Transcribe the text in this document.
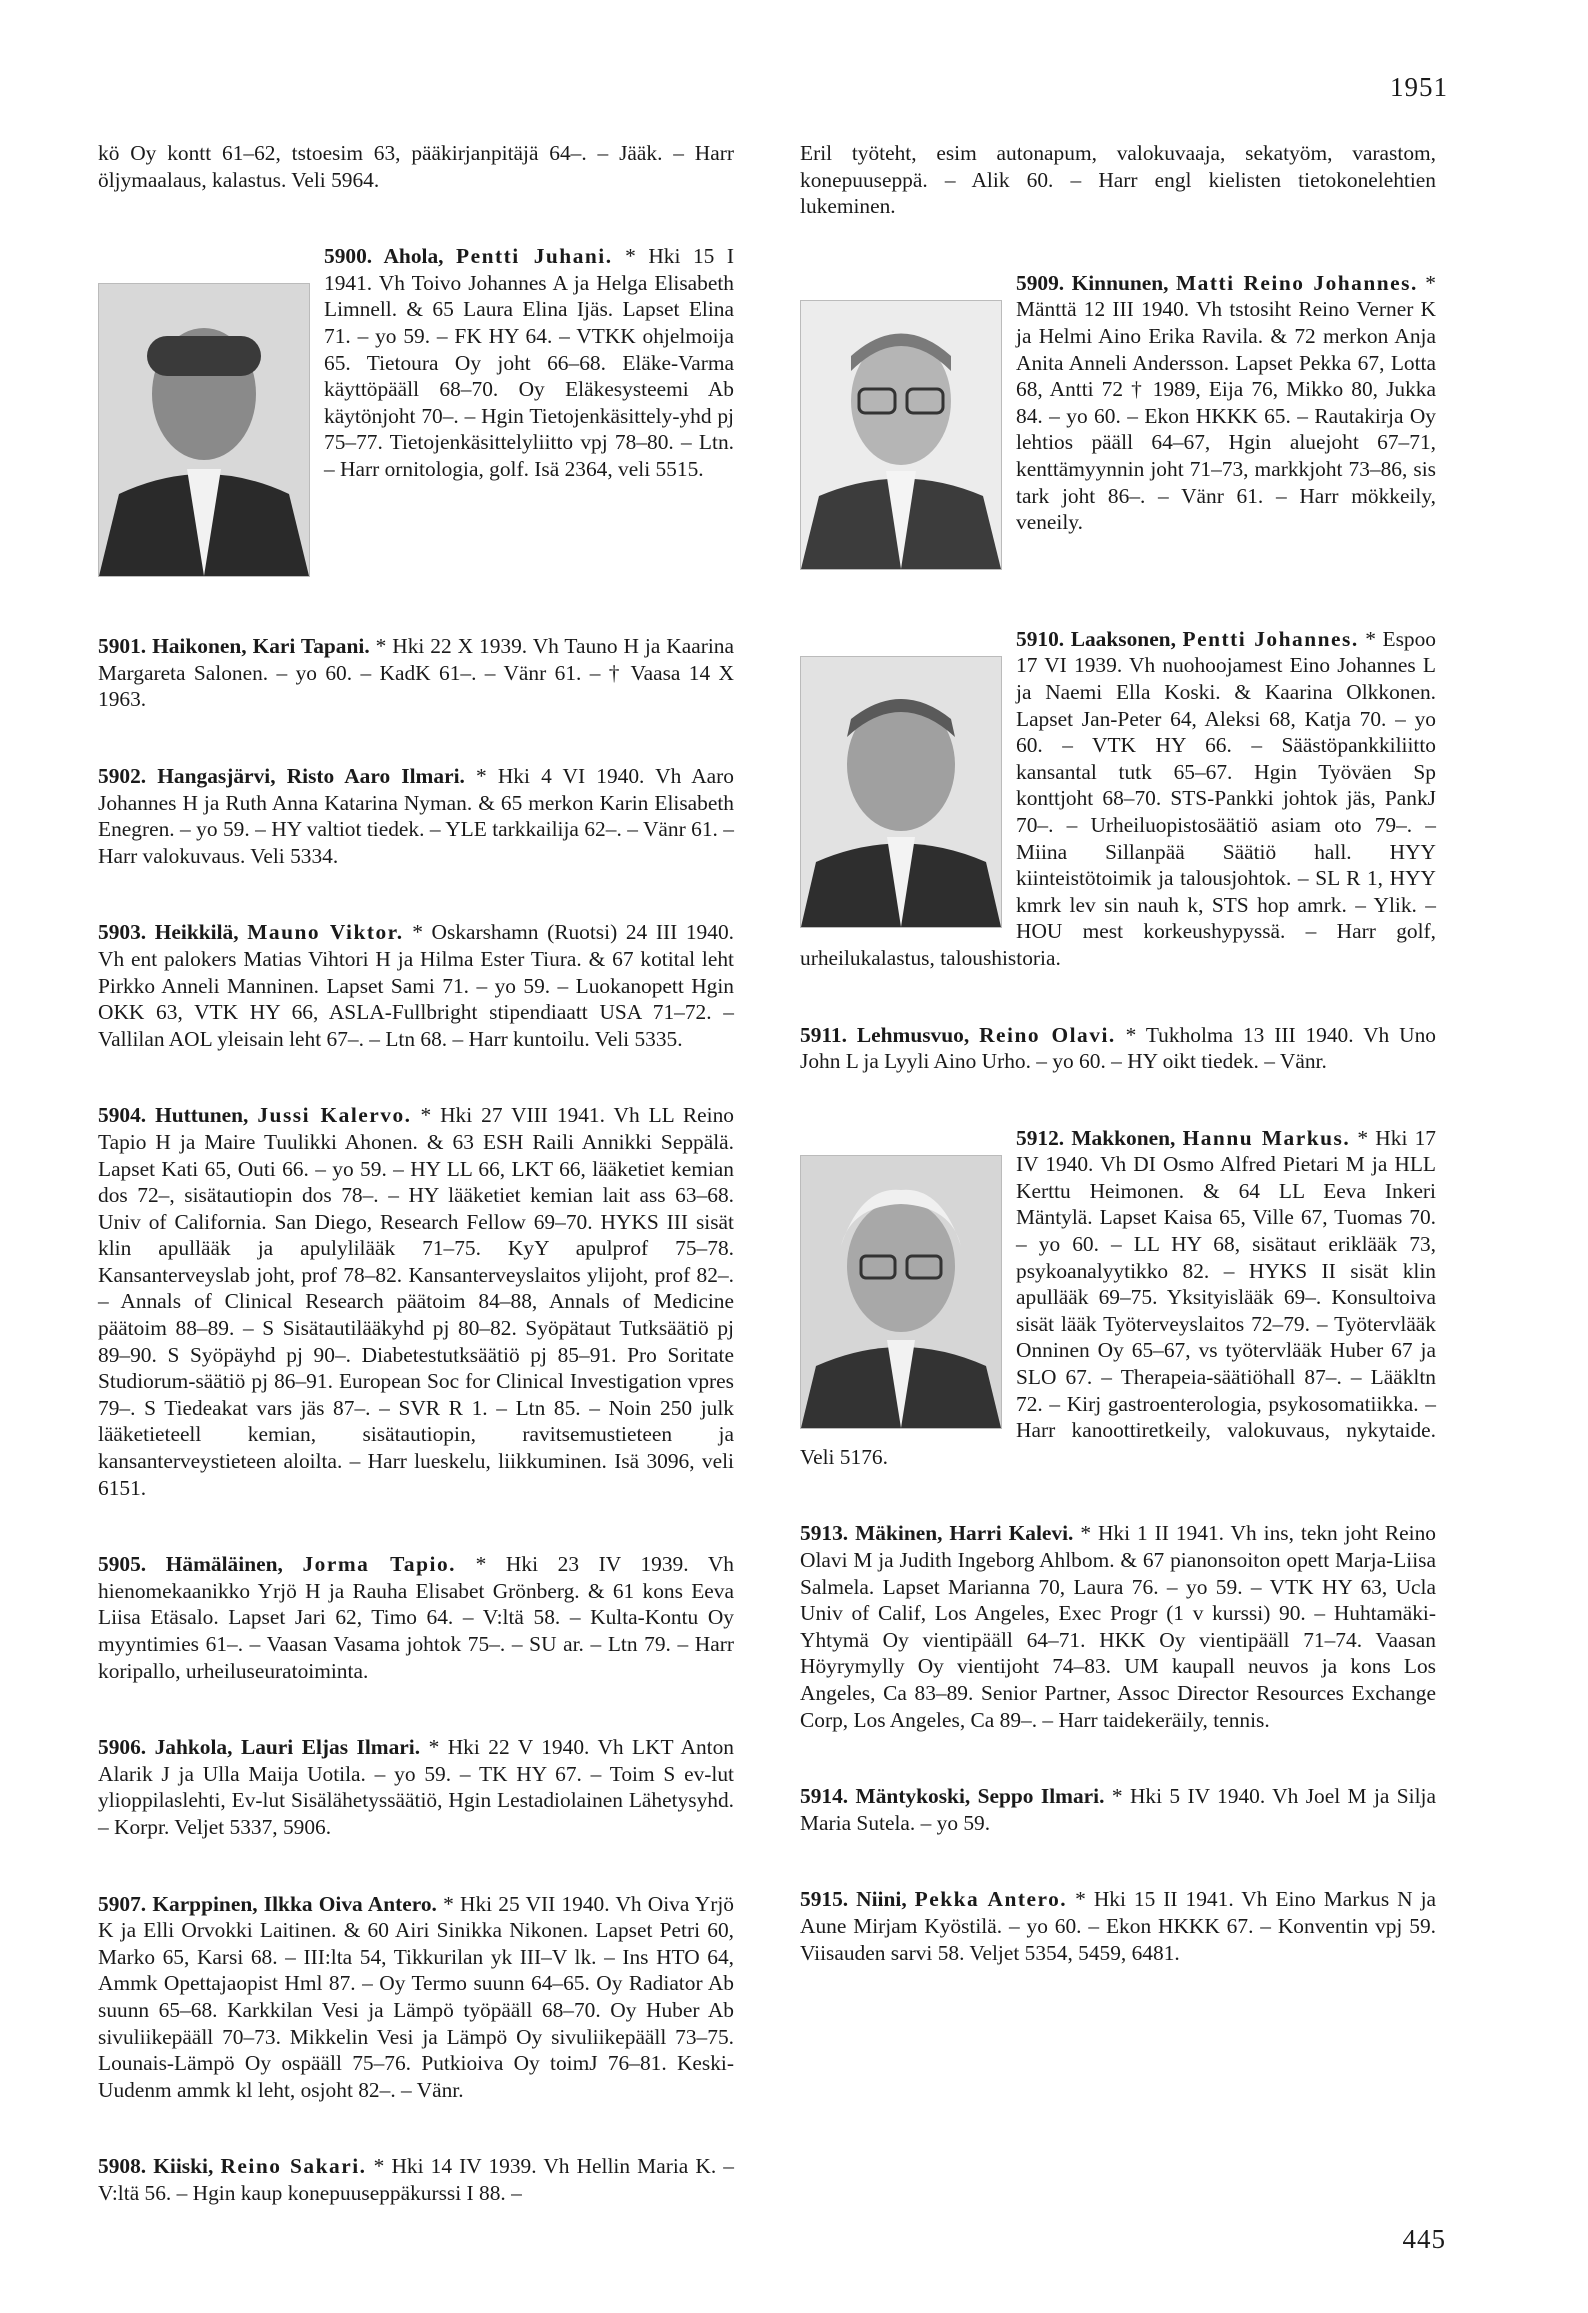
1951

kö Oy kontt 61–62, tstoesim 63, pääkirjanpitäjä 64–. – Jääk. – Harr öljymaalaus, kalastus. Veli 5964.

5900. Ahola, Pentti Juhani. * Hki 15 I 1941. Vh Toivo Johannes A ja Helga Elisabeth Limnell. & 65 Laura Elina Ijäs. Lapset Elina 71. – yo 59. – FK HY 64. – VTKK ohjelmoija 65. Tietoura Oy joht 66–68. Eläke-Varma käyttöpääll 68–70. Oy Eläkesysteemi Ab käytönjoht 70–. – Hgin Tietojenkäsittely-yhd pj 75–77. Tietojenkäsittelyliitto vpj 78–80. – Ltn. – Harr ornitologia, golf. Isä 2364, veli 5515.

5901. Haikonen, Kari Tapani. * Hki 22 X 1939. Vh Tauno H ja Kaarina Margareta Salonen. – yo 60. – KadK 61–. – Vänr 61. – † Vaasa 14 X 1963.

5902. Hangasjärvi, Risto Aaro Ilmari. * Hki 4 VI 1940. Vh Aaro Johannes H ja Ruth Anna Katarina Nyman. & 65 merkon Karin Elisabeth Enegren. – yo 59. – HY valtiot tiedek. – YLE tarkkailija 62–. – Vänr 61. – Harr valokuvaus. Veli 5334.

5903. Heikkilä, Mauno Viktor. * Oskarshamn (Ruotsi) 24 III 1940. Vh ent palokers Matias Vihtori H ja Hilma Ester Tiura. & 67 kotital leht Pirkko Anneli Manninen. Lapset Sami 71. – yo 59. – Luokanopett Hgin OKK 63, VTK HY 66, ASLA-Fullbright stipendiaatt USA 71–72. – Vallilan AOL yleisain leht 67–. – Ltn 68. – Harr kuntoilu. Veli 5335.

5904. Huttunen, Jussi Kalervo. * Hki 27 VIII 1941. Vh LL Reino Tapio H ja Maire Tuulikki Ahonen. & 63 ESH Raili Annikki Seppälä. Lapset Kati 65, Outi 66. – yo 59. – HY LL 66, LKT 66, lääketiet kemian dos 72–, sisätautiopin dos 78–. – HY lääketiet kemian lait ass 63–68. Univ of California. San Diego, Research Fellow 69–70. HYKS III sisät klin apullääk ja apulylilääk 71–75. KyY apulprof 75–78. Kansanterveyslab joht, prof 78–82. Kansanterveyslaitos ylijoht, prof 82–. – Annals of Clinical Research päätoim 84–88, Annals of Medicine päätoim 88–89. – S Sisätautilääkyhd pj 80–82. Syöpätaut Tutksäätiö pj 89–90. S Syöpäyhd pj 90–. Diabetestutksäätiö pj 85–91. Pro Soritate Studiorum-säätiö pj 86–91. European Soc for Clinical Investigation vpres 79–. S Tiedeakat vars jäs 87–. – SVR R 1. – Ltn 85. – Noin 250 julk lääketieteell kemian, sisätautiopin, ravitsemustieteen ja kansanterveystieteen aloilta. – Harr lueskelu, liikkuminen. Isä 3096, veli 6151.

5905. Hämäläinen, Jorma Tapio. * Hki 23 IV 1939. Vh hienomekaanikko Yrjö H ja Rauha Elisabet Grönberg. & 61 kons Eeva Liisa Etäsalo. Lapset Jari 62, Timo 64. – V:ltä 58. – Kulta-Kontu Oy myyntimies 61–. – Vaasan Vasama johtok 75–. – SU ar. – Ltn 79. – Harr koripallo, urheiluseuratoiminta.

5906. Jahkola, Lauri Eljas Ilmari. * Hki 22 V 1940. Vh LKT Anton Alarik J ja Ulla Maija Uotila. – yo 59. – TK HY 67. – Toim S ev-lut ylioppilaslehti, Ev-lut Sisälähetyssäätiö, Hgin Lestadiolainen Lähetysyhd. – Korpr. Veljet 5337, 5906.

5907. Karppinen, Ilkka Oiva Antero. * Hki 25 VII 1940. Vh Oiva Yrjö K ja Elli Orvokki Laitinen. & 60 Airi Sinikka Nikonen. Lapset Petri 60, Marko 65, Karsi 68. – III:lta 54, Tikkurilan yk III–V lk. – Ins HTO 64, Ammk Opettajaopist Hml 87. – Oy Termo suunn 64–65. Oy Radiator Ab suunn 65–68. Karkkilan Vesi ja Lämpö työpääll 68–70. Oy Huber Ab sivuliikepääll 70–73. Mikkelin Vesi ja Lämpö Oy sivuliikepääll 73–75. Lounais-Lämpö Oy ospääll 75–76. Putkioiva Oy toimJ 76–81. Keski-Uudenm ammk kl leht, osjoht 82–. – Vänr.

5908. Kiiski, Reino Sakari. * Hki 14 IV 1939. Vh Hellin Maria K. – V:ltä 56. – Hgin kaup konepuuseppäkurssi I 88. –

Eril työteht, esim autonapum, valokuvaaja, sekatyöm, varastom, konepuuseppä. – Alik 60. – Harr engl kielisten tietokonelehtien lukeminen.

5909. Kinnunen, Matti Reino Johannes. * Mänttä 12 III 1940. Vh tstosiht Reino Verner K ja Helmi Aino Erika Ravila. & 72 merkon Anja Anita Anneli Andersson. Lapset Pekka 67, Lotta 68, Antti 72 † 1989, Eija 76, Mikko 80, Jukka 84. – yo 60. – Ekon HKKK 65. – Rautakirja Oy lehtios pääll 64–67, Hgin aluejoht 67–71, kenttämyynnin joht 71–73, markkjoht 73–86, sis tark joht 86–. – Vänr 61. – Harr mökkeily, veneily.

5910. Laaksonen, Pentti Johannes. * Espoo 17 VI 1939. Vh nuohoojamest Eino Johannes L ja Naemi Ella Koski. & Kaarina Olkkonen. Lapset Jan-Peter 64, Aleksi 68, Katja 70. – yo 60. – VTK HY 66. – Säästöpankkiliitto kansantal tutk 65–67. Hgin Työväen Sp konttjoht 68–70. STS-Pankki johtok jäs, PankJ 70–. – Urheiluopistosäätiö asiam oto 79–. – Miina Sillanpää Säätiö hall. HYY kiinteistötoimik ja talousjohtok. – SL R 1, HYY kmrk lev sin nauh k, STS hop amrk. – Ylik. – HOU mest korkeushypyssä. – Harr golf, urheilukalastus, taloushistoria.

5911. Lehmusvuo, Reino Olavi. * Tukholma 13 III 1940. Vh Uno John L ja Lyyli Aino Urho. – yo 60. – HY oikt tiedek. – Vänr.

5912. Makkonen, Hannu Markus. * Hki 17 IV 1940. Vh DI Osmo Alfred Pietari M ja HLL Kerttu Heimonen. & 64 LL Eeva Inkeri Mäntylä. Lapset Kaisa 65, Ville 67, Tuomas 70. – yo 60. – LL HY 68, sisätaut eriklääk 73, psykoanalyytikko 82. – HYKS II sisät klin apullääk 69–75. Yksityislääk 69–. Konsultoiva sisät lääk Työterveyslaitos 72–79. – Työtervlääk Onninen Oy 65–67, vs työtervlääk Huber 67 ja SLO 67. – Therapeia-säätiöhall 87–. – Lääkltn 72. – Kirj gastroenterologia, psykosomatiikka. – Harr kanoottiretkeily, valokuvaus, nykytaide. Veli 5176.

5913. Mäkinen, Harri Kalevi. * Hki 1 II 1941. Vh ins, tekn joht Reino Olavi M ja Judith Ingeborg Ahlbom. & 67 pianonsoiton opett Marja-Liisa Salmela. Lapset Marianna 70, Laura 76. – yo 59. – VTK HY 63, Ucla Univ of Calif, Los Angeles, Exec Progr (1 v kurssi) 90. – Huhtamäki-Yhtymä Oy vientipääll 64–71. HKK Oy vientipääll 71–74. Vaasan Höyrymylly Oy vientijoht 74–83. UM kaupall neuvos ja kons Los Angeles, Ca 83–89. Senior Partner, Assoc Director Resources Exchange Corp, Los Angeles, Ca 89–. – Harr taidekeräily, tennis.

5914. Mäntykoski, Seppo Ilmari. * Hki 5 IV 1940. Vh Joel M ja Silja Maria Sutela. – yo 59.

5915. Niini, Pekka Antero. * Hki 15 II 1941. Vh Eino Markus N ja Aune Mirjam Kyöstilä. – yo 60. – Ekon HKKK 67. – Konventin vpj 59. Viisauden sarvi 58. Veljet 5354, 5459, 6481.

445
